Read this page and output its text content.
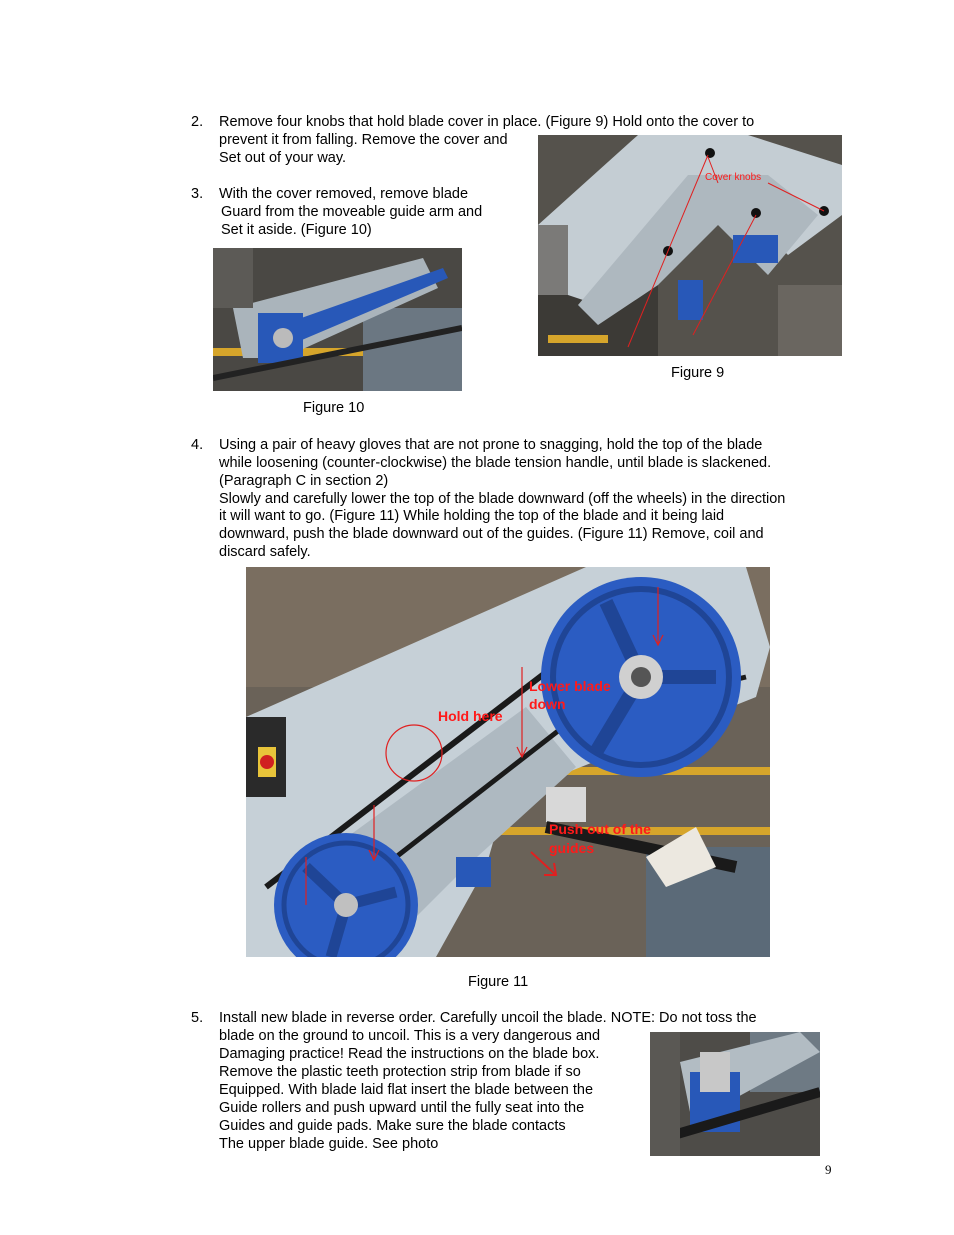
2. Remove four knobs that hold blade cover in place. (Figure 9) Hold onto the cover to
prevent it from falling. Remove the cover and
Set out of your way.
3. With the cover removed, remove blade
Guard from the moveable guide arm and
Set it aside. (Figure 10)
Cover knobs
Figure 9
Figure 10
4. Using a pair of heavy gloves that are not prone to snagging, hold the top of the blade
while loosening (counter-clockwise) the blade tension handle, until blade is slackened.
(Paragraph C in section 2)
Slowly and carefully lower the top of the blade downward (off the wheels) in the direction
it will want to go. (Figure 11) While holding the top of the blade and it being laid
downward, push the blade downward out of the guides. (Figure 11) Remove, coil and
discard safely.
Hold here
Lower blade
down
Push out of the
guides
Figure 11
5. Install new blade in reverse order. Carefully uncoil the blade. NOTE: Do not toss the
blade on the ground to uncoil. This is a very dangerous and
Damaging practice! Read the instructions on the blade box.
Remove the plastic teeth protection strip from blade if so
Equipped. With blade laid flat insert the blade between the
Guide rollers and push upward until the fully seat into the
Guides and guide pads. Make sure the blade contacts
The upper blade guide. See photo
9
